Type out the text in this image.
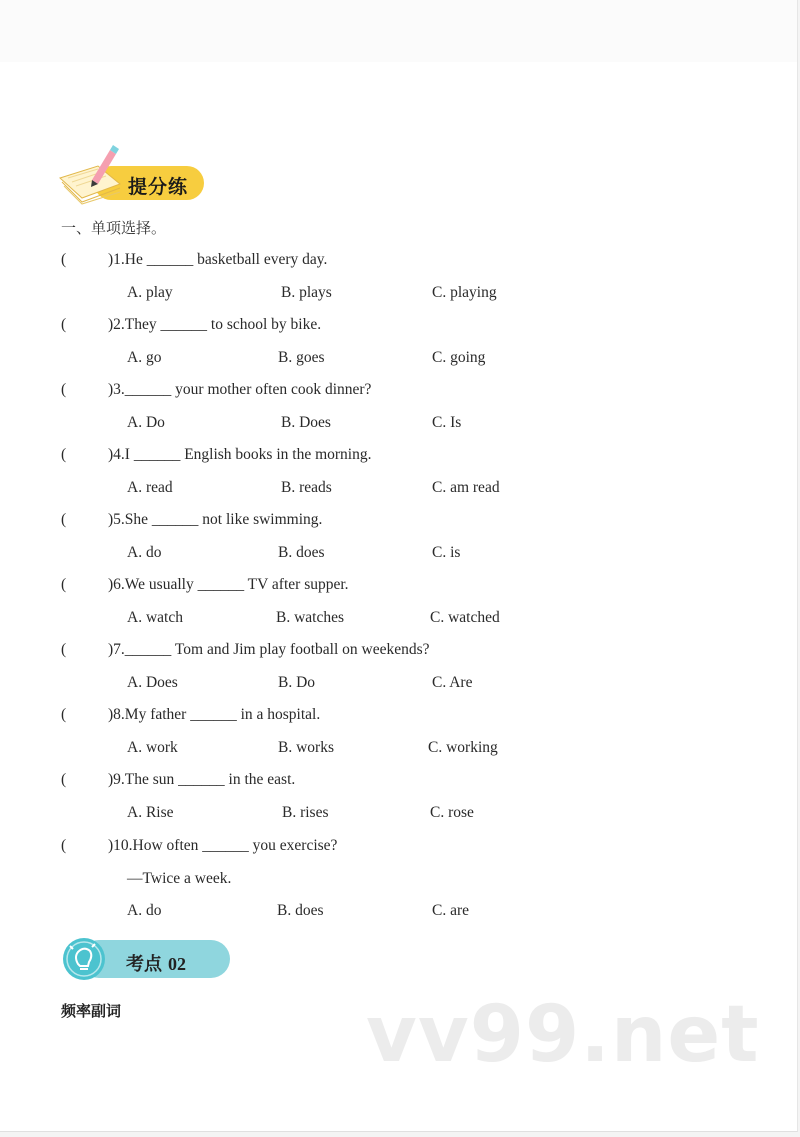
提分练
一、单项选择。
(	)1.He ______ basketball every day.
A. play	B. plays	C. playing
(	)2.They ______ to school by bike.
A. go	B. goes	C. going
(	)3.______ your mother often cook dinner?
A. Do	B. Does	C. Is
(	)4.I ______ English books in the morning.
A. read	B. reads	C. am read
(	)5.She ______ not like swimming.
A. do	B. does	C. is
(	)6.We usually ______ TV after supper.
A. watch	B. watches	C. watched
(	)7.______ Tom and Jim play football on weekends?
A. Does	B. Do	C. Are
(	)8.My father ______ in a hospital.
A. work	B. works	C. working
(	)9.The sun ______ in the east.
A. Rise	B. rises	C. rose
(	)10.How often ______ you exercise?
—Twice a week.
A. do	B. does	C. are
考点 02
频率副词	vv99.net
